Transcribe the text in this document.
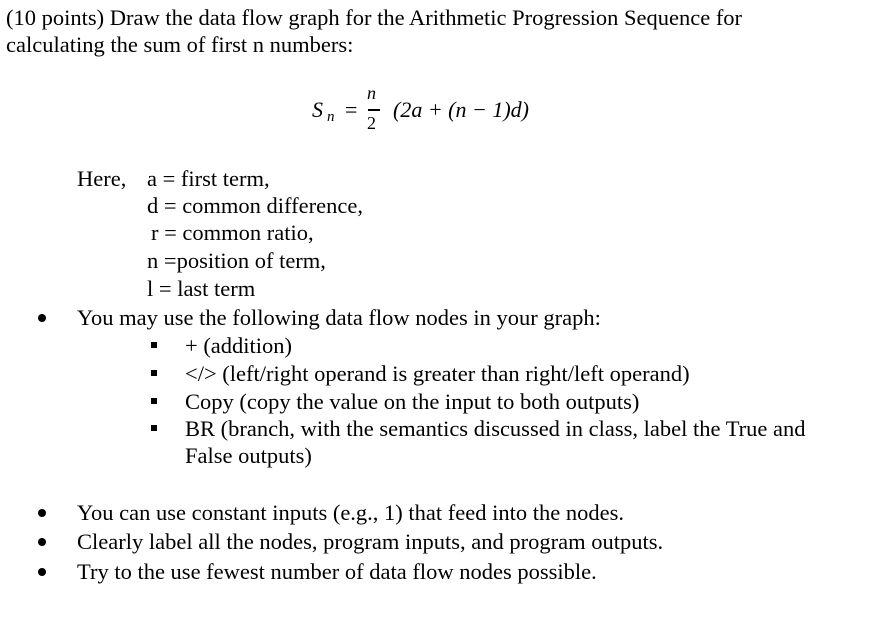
(10 points) Draw the data flow graph for the Arithmetic Progression Sequence for
calculating the sum of first n numbers:
S n =
n
2
(2a + (n − 1)d)
Here, a = first term,
d = common difference,
r = common ratio,
n =position of term,
l = last term
You may use the following data flow nodes in your graph:
+ (addition)
</> (left/right operand is greater than right/left operand)
Copy (copy the value on the input to both outputs)
BR (branch, with the semantics discussed in class, label the True and
False outputs)
You can use constant inputs (e.g., 1) that feed into the nodes.
Clearly label all the nodes, program inputs, and program outputs.
Try to the use fewest number of data flow nodes possible.
